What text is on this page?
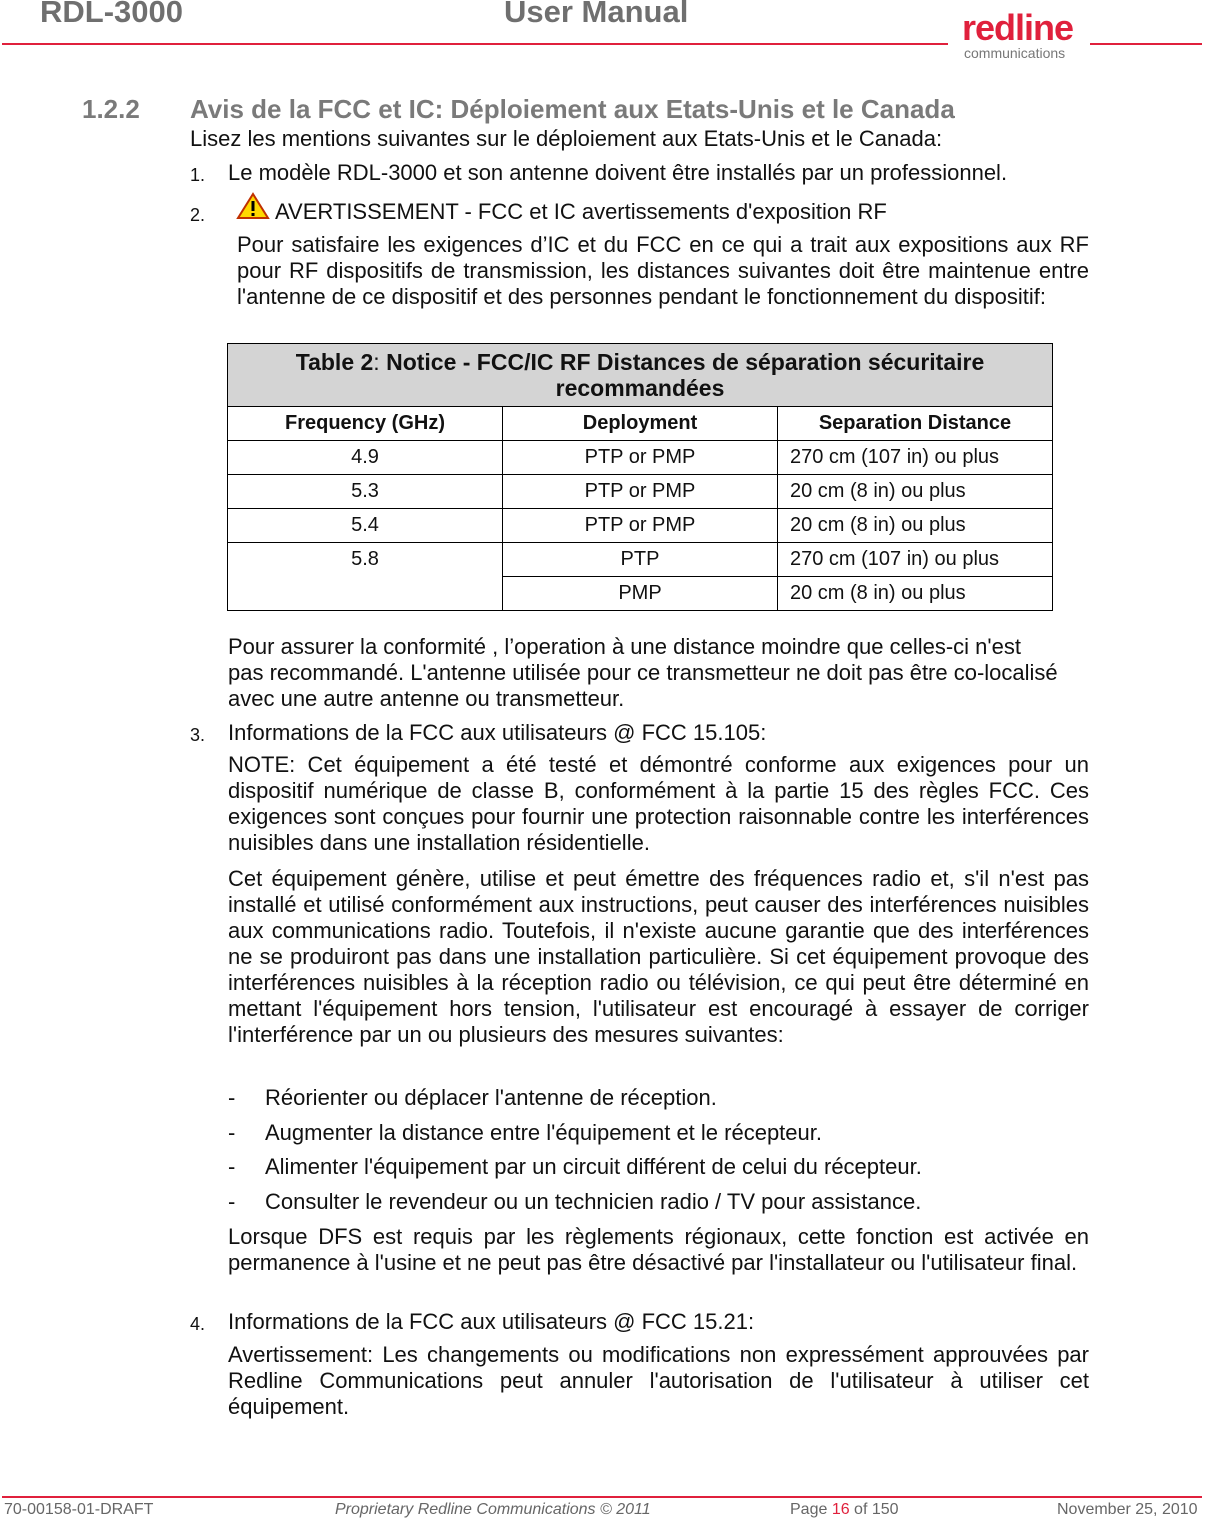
RDL-3000	User Manual	redline
communications
1.2.2 Avis de la FCC et IC: Déploiement aux Etats-Unis et le Canada
Lisez les mentions suivantes sur le déploiement aux Etats-Unis et le Canada:
1. Le modèle RDL-3000 et son antenne doivent être installés par un professionnel.
2.	AVERTISSEMENT - FCC et IC avertissements d'exposition RF
Pour satisfaire les exigences d’IC et du FCC en ce qui a trait aux expositions aux RF pour RF dispositifs de transmission, les distances suivantes doit être maintenue entre l'antenne de ce dispositif et des personnes pendant le fonctionnement du dispositif:
Table 2: Notice - FCC/IC RF Distances de séparation sécuritaire recommandées
Frequency (GHz)	Deployment	Separation Distance
4.9	PTP or PMP	270 cm (107 in) ou plus
5.3	PTP or PMP	20 cm (8 in) ou plus
5.4	PTP or PMP	20 cm (8 in) ou plus
5.8	PTP	270 cm (107 in) ou plus
	PMP	20 cm (8 in) ou plus
Pour assurer la conformité , l’operation à une distance moindre que celles-ci n'est pas recommandé. L'antenne utilisée pour ce transmetteur ne doit pas être co-localisé avec une autre antenne ou transmetteur.
3. Informations de la FCC aux utilisateurs @ FCC 15.105:
NOTE: Cet équipement a été testé et démontré conforme aux exigences pour un dispositif numérique de classe B, conformément à la partie 15 des règles FCC. Ces exigences sont conçues pour fournir une protection raisonnable contre les interférences nuisibles dans une installation résidentielle.
Cet équipement génère, utilise et peut émettre des fréquences radio et, s'il n'est pas installé et utilisé conformément aux instructions, peut causer des interférences nuisibles aux communications radio. Toutefois, il n'existe aucune garantie que des interférences ne se produiront pas dans une installation particulière. Si cet équipement provoque des interférences nuisibles à la réception radio ou télévision, ce qui peut être déterminé en mettant l'équipement hors tension, l'utilisateur est encouragé à essayer de corriger l'interférence par un ou plusieurs des mesures suivantes:
- Réorienter ou déplacer l'antenne de réception.
- Augmenter la distance entre l'équipement et le récepteur.
- Alimenter l'équipement par un circuit différent de celui du récepteur.
- Consulter le revendeur ou un technicien radio / TV pour assistance.
Lorsque DFS est requis par les règlements régionaux, cette fonction est activée en permanence à l'usine et ne peut pas être désactivé par l'installateur ou l'utilisateur final.
4. Informations de la FCC aux utilisateurs @ FCC 15.21:
Avertissement: Les changements ou modifications non expressément approuvées par Redline Communications peut annuler l'autorisation de l'utilisateur à utiliser cet équipement.
70-00158-01-DRAFT	Proprietary Redline Communications © 2011	Page 16 of 150	November 25, 2010
